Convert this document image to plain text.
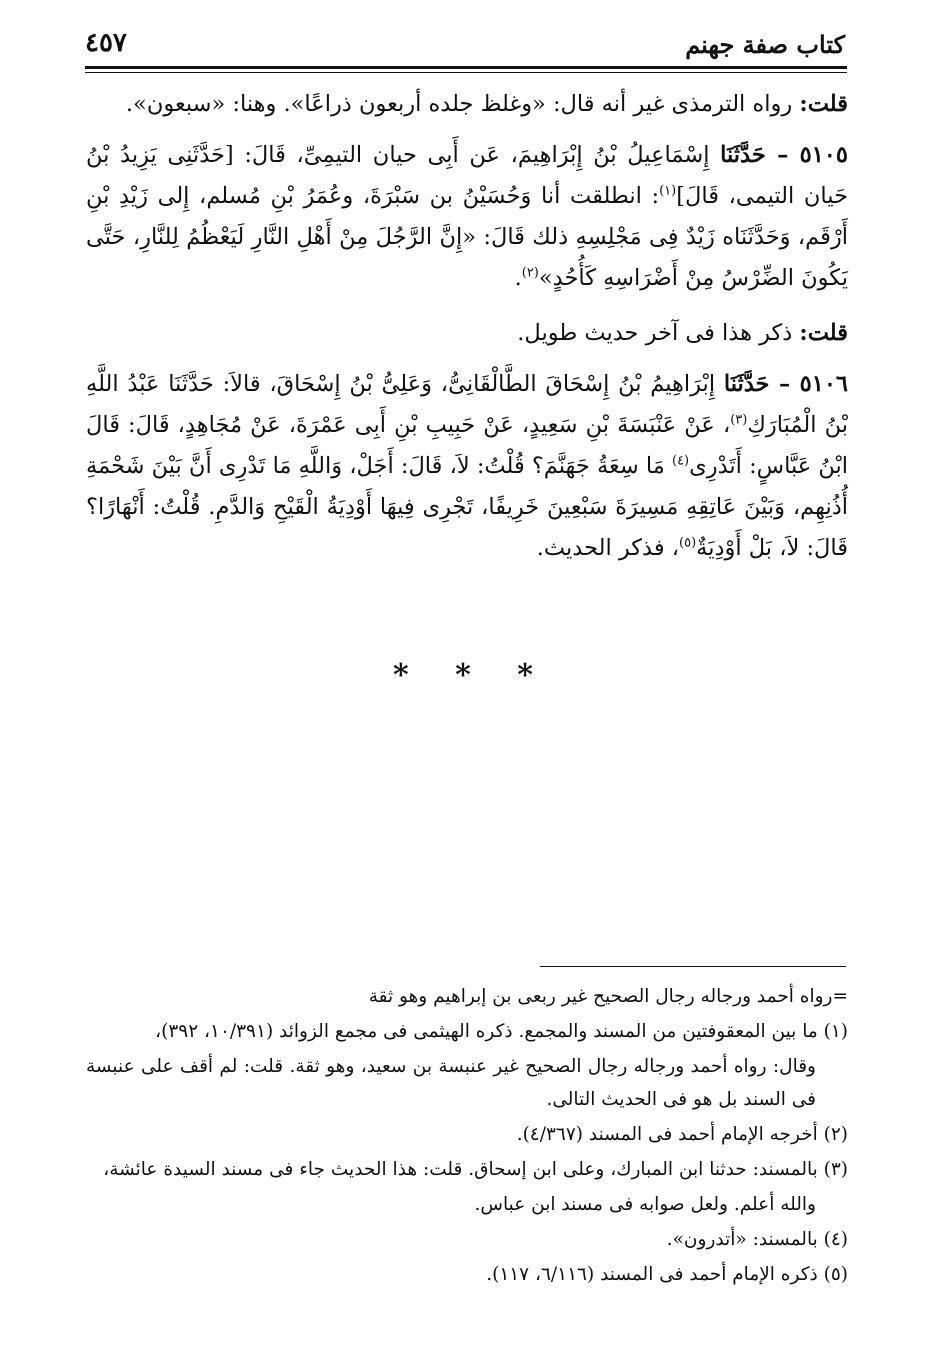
كتاب صفة جهنم
٤٥٧

قلت: رواه الترمذى غير أنه قال: «وغلظ جلده أربعون ذراعًا». وهنا: «سبعون».

٥١٠٥ – حَدَّثَنَا إِسْمَاعِيلُ بْنُ إِبْرَاهِيمَ، عَن أَبِى حيان التيمِىِّ، قَالَ: [حَدَّثَنِى يَزِيدُ بْنُ حَيان التيمى، قَالَ]$^{(١)}$: انطلقت أنا وَحُسَيْنُ بن سَبْرَةَ، وعُمَرُ بْنِ مُسلم، إِلى زَيْدِ بْنِ أَرْقَم، وَحَدَّثَنَاه زَيْدٌ فِى مَجْلِسِهِ ذلك قَالَ: «إِنَّ الرَّجُلَ مِنْ أَهْلِ النَّارِ لَيَعْظُمُ لِلنَّارِ، حَتَّى يَكُونَ الضِّرْسُ مِنْ أَضْرَاسِهِ كَأُحُدٍ»$^{(٢)}$.

قلت: ذكر هذا فى آخر حديث طويل.

٥١٠٦ – حَدَّثَنَا إِبْرَاهِيمُ بْنُ إِسْحَاقَ الطَّالْقَانِىُّ، وَعَلِىُّ بْنُ إِسْحَاقَ، قالاَ: حَدَّثَنَا عَبْدُ اللَّهِ بْنُ الْمُبَارَكِ$^{(٣)}$، عَنْ عَنْبَسَةَ بْنِ سَعِيدٍ، عَنْ حَبِيبِ بْنِ أَبِى عَمْرَةَ، عَنْ مُجَاهِدٍ، قَالَ: قَالَ ابْنُ عَبَّاسٍ: أَتَدْرِى$^{(٤)}$ مَا سِعَةُ جَهَنَّمَ؟ قُلْتُ: لاَ، قَالَ: أَجَلْ، وَاللَّهِ مَا تَدْرِى أَنَّ بَيْنَ شَحْمَةِ أُذُنِهِم، وَبَيْنَ عَاتِقِهِ مَسِيرَةَ سَبْعِينَ خَرِيفًا، تَجْرِى فِيهَا أَوْدِيَةُ الْقَيْحِ وَالدَّمِ. قُلْتُ: أَنْهَارًا؟ قَالَ: لاَ، بَلْ أَوْدِيَةٌ$^{(٥)}$، فذكر الحديث.

* * *

=رواه أحمد ورجاله رجال الصحيح غير ربعى بن إبراهيم وهو ثقة

(١) ما بين المعقوفتين من المسند والمجمع. ذكره الهيثمى فى مجمع الزوائد (١٠/٣٩١، ٣٩٢)،

وقال: رواه أحمد ورجاله رجال الصحيح غير عنبسة بن سعيد، وهو ثقة. قلت: لم أقف على عنبسة فى السند بل هو فى الحديث التالى.

(٢) أخرجه الإمام أحمد فى المسند (٤/٣٦٧).

(٣) بالمسند: حدثنا ابن المبارك، وعلى ابن إسحاق. قلت: هذا الحديث جاء فى مسند السيدة عائشة،

والله أعلم. ولعل صوابه فى مسند ابن عباس.

(٤) بالمسند: «أتدرون».

(٥) ذكره الإمام أحمد فى المسند (٦/١١٦، ١١٧).
